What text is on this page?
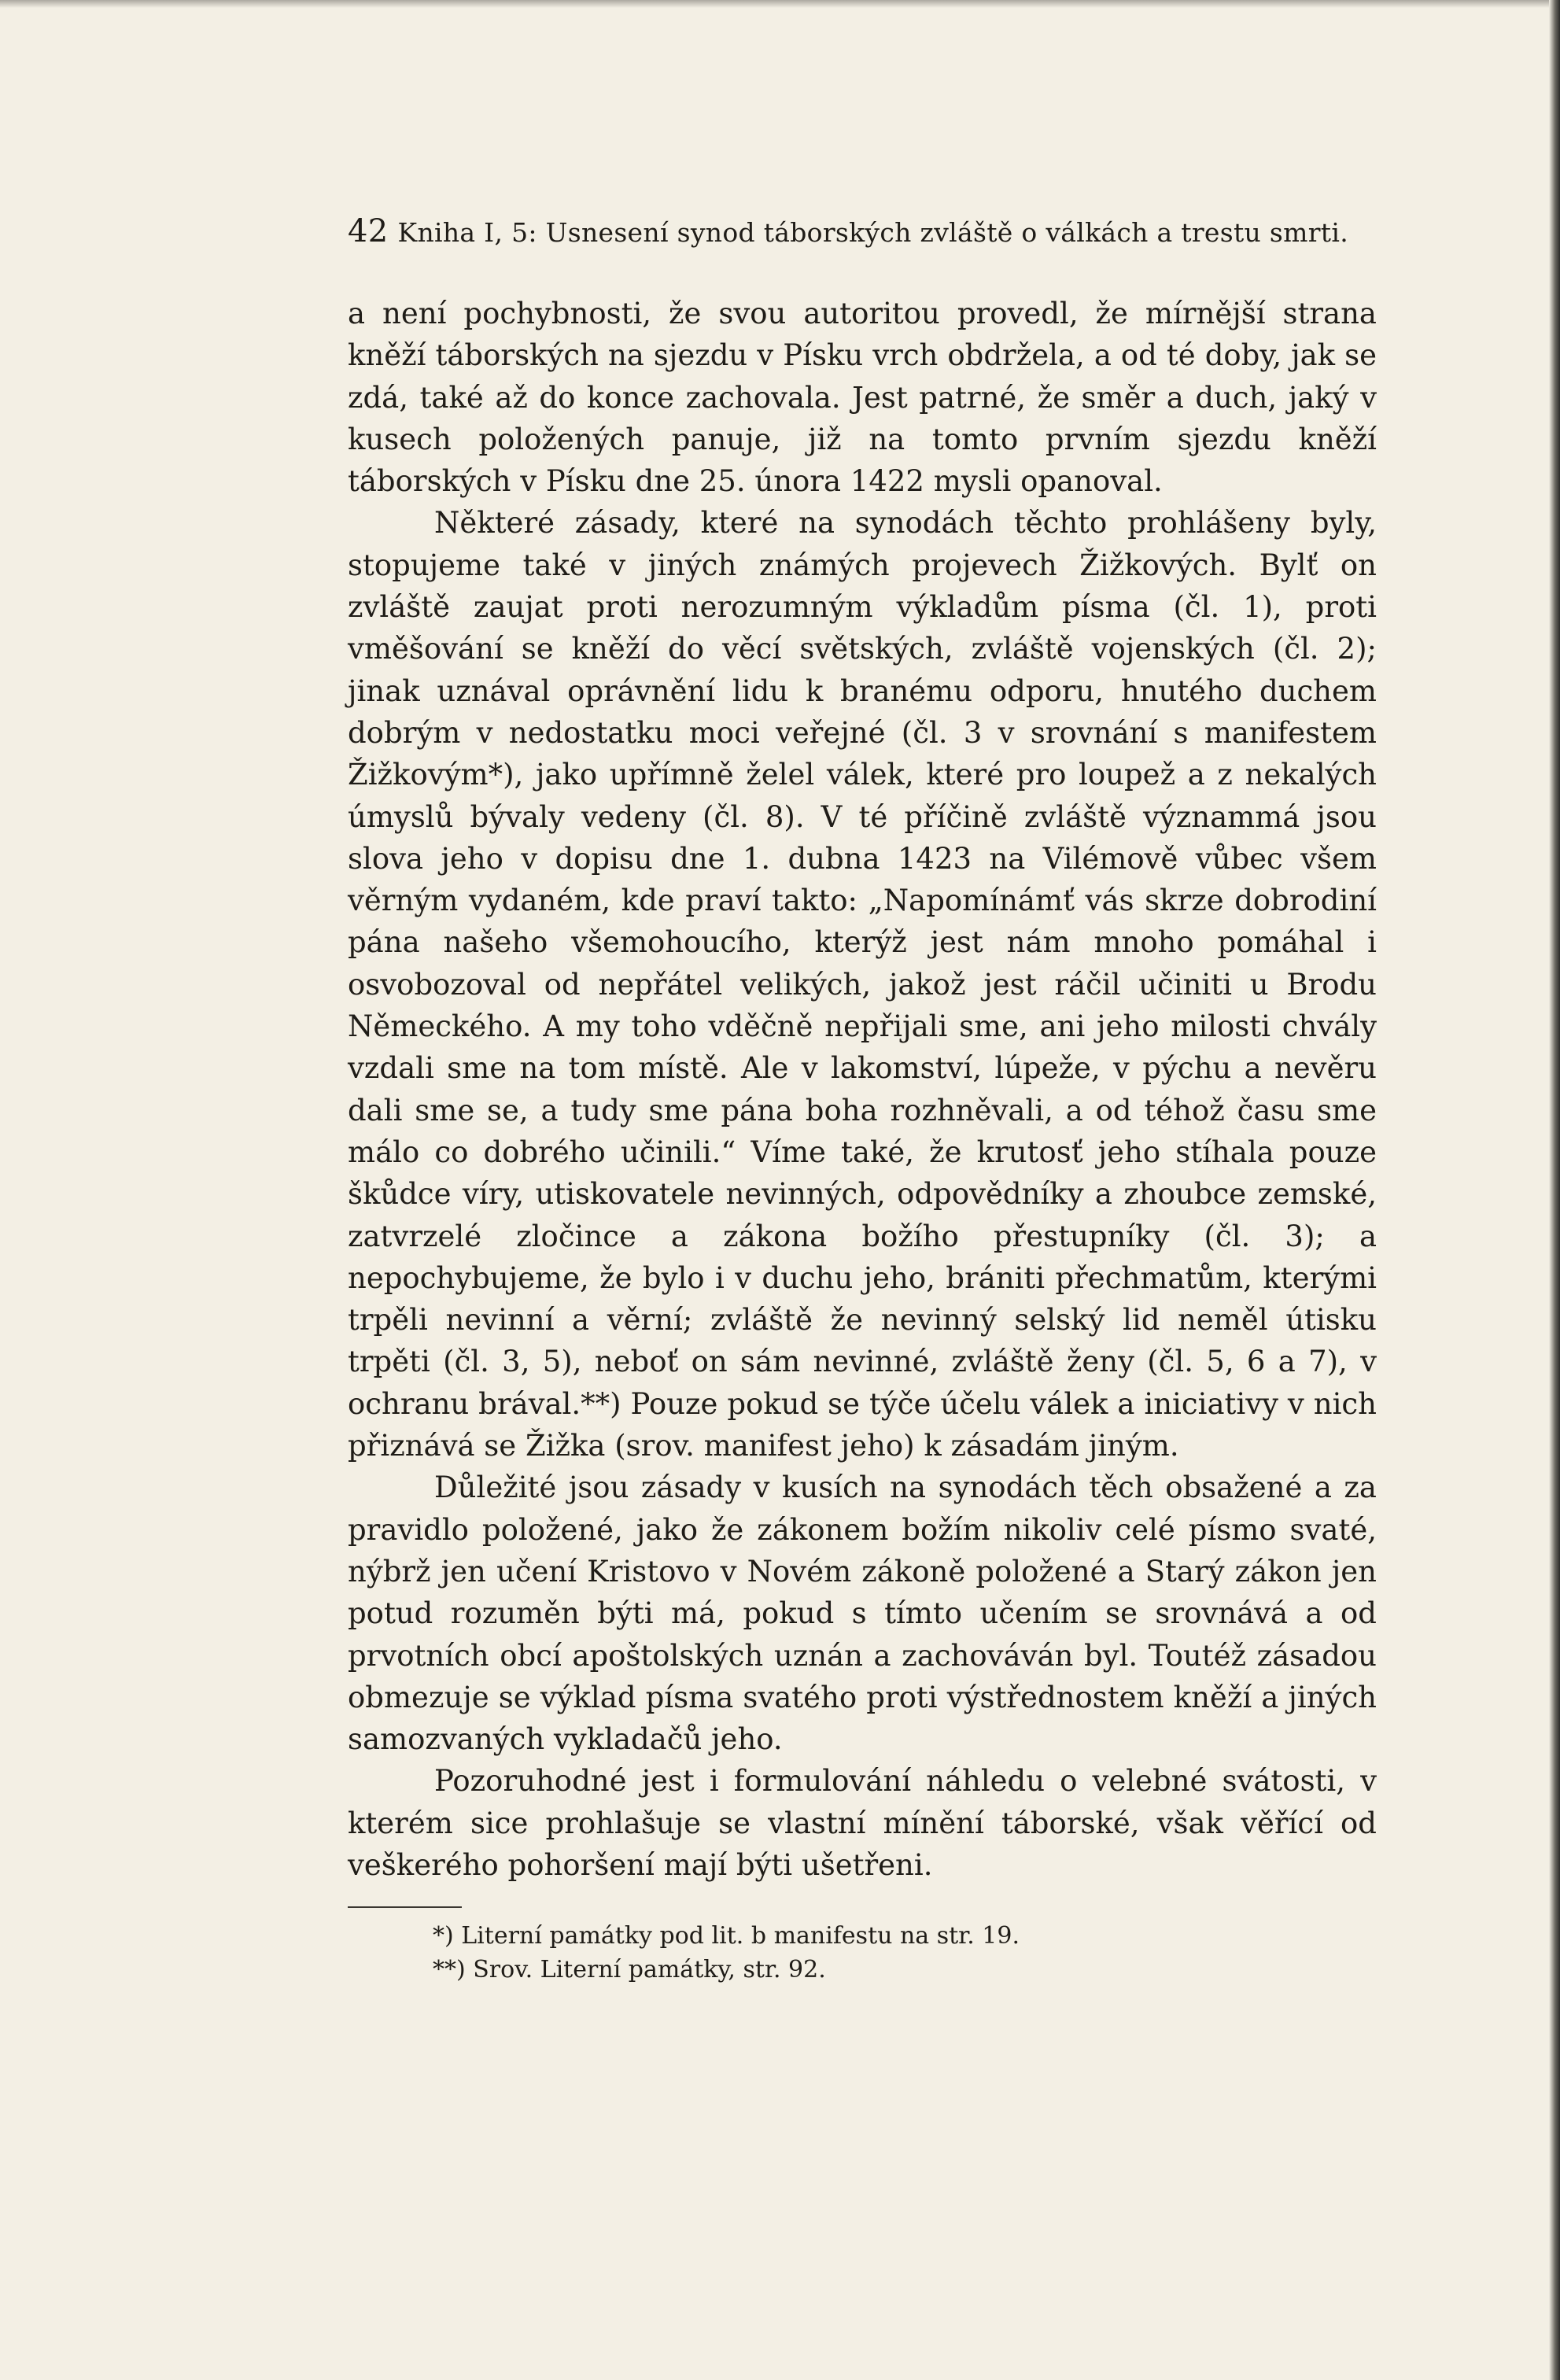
42 Kniha I, 5: Usnesení synod táborských zvláště o válkách a trestu smrti.

a není pochybnosti, že svou autoritou provedl, že mírnější strana kněží táborských na sjezdu v Písku vrch obdržela, a od té doby, jak se zdá, také až do konce zachovala. Jest patrné, že směr a duch, jaký v kusech položených panuje, již na tomto prvním sjezdu kněží táborských v Písku dne 25. února 1422 mysli opanoval.

Některé zásady, které na synodách těchto prohlášeny byly, stopujeme také v jiných známých projevech Žižkových. Bylť on zvláště zaujat proti nerozumným výkladům písma (čl. 1), proti vměšování se kněží do věcí světských, zvláště vojenských (čl. 2); jinak uznával oprávnění lidu k branému odporu, hnutého duchem dobrým v nedostatku moci veřejné (čl. 3 v srovnání s manifestem Žižkovým*), jako upřímně želel válek, které pro loupež a z nekalých úmyslů bývaly vedeny (čl. 8). V té příčině zvláště význammá jsou slova jeho v dopisu dne 1. dubna 1423 na Vilémově vůbec všem věrným vydaném, kde praví takto: „Napomínámť vás skrze dobrodiní pána našeho všemohoucího, kterýž jest nám mnoho pomáhal i osvobozoval od nepřátel velikých, jakož jest ráčil učiniti u Brodu Německého. A my toho vděčně nepřijali sme, ani jeho milosti chvály vzdali sme na tom místě. Ale v lakomství, lúpeže, v pýchu a nevěru dali sme se, a tudy sme pána boha rozhněvali, a od téhož času sme málo co dobrého učinili.“ Víme také, že krutosť jeho stíhala pouze škůdce víry, utiskovatele nevinných, odpovědníky a zhoubce zemské, zatvrzelé zločince a zákona božího přestupníky (čl. 3); a nepochybujeme, že bylo i v duchu jeho, brániti přechmatům, kterými trpěli nevinní a věrní; zvláště že nevinný selský lid neměl útisku trpěti (čl. 3, 5), neboť on sám nevinné, zvláště ženy (čl. 5, 6 a 7), v ochranu brával.**) Pouze pokud se týče účelu válek a iniciativy v nich přiznává se Žižka (srov. manifest jeho) k zásadám jiným.

Důležité jsou zásady v kusích na synodách těch obsažené a za pravidlo položené, jako že zákonem božím nikoliv celé písmo svaté, nýbrž jen učení Kristovo v Novém zákoně položené a Starý zákon jen potud rozuměn býti má, pokud s tímto učením se srovnává a od prvotních obcí apoštolských uznán a zachováván byl. Toutéž zásadou obmezuje se výklad písma svatého proti výstřednostem kněží a jiných samozvaných vykladačů jeho.

Pozoruhodné jest i formulování náhledu o velebné svátosti, v kterém sice prohlašuje se vlastní mínění táborské, však věřící od veškerého pohoršení mají býti ušetřeni.

*) Literní památky pod lit. b manifestu na str. 19.
**) Srov. Literní památky, str. 92.
